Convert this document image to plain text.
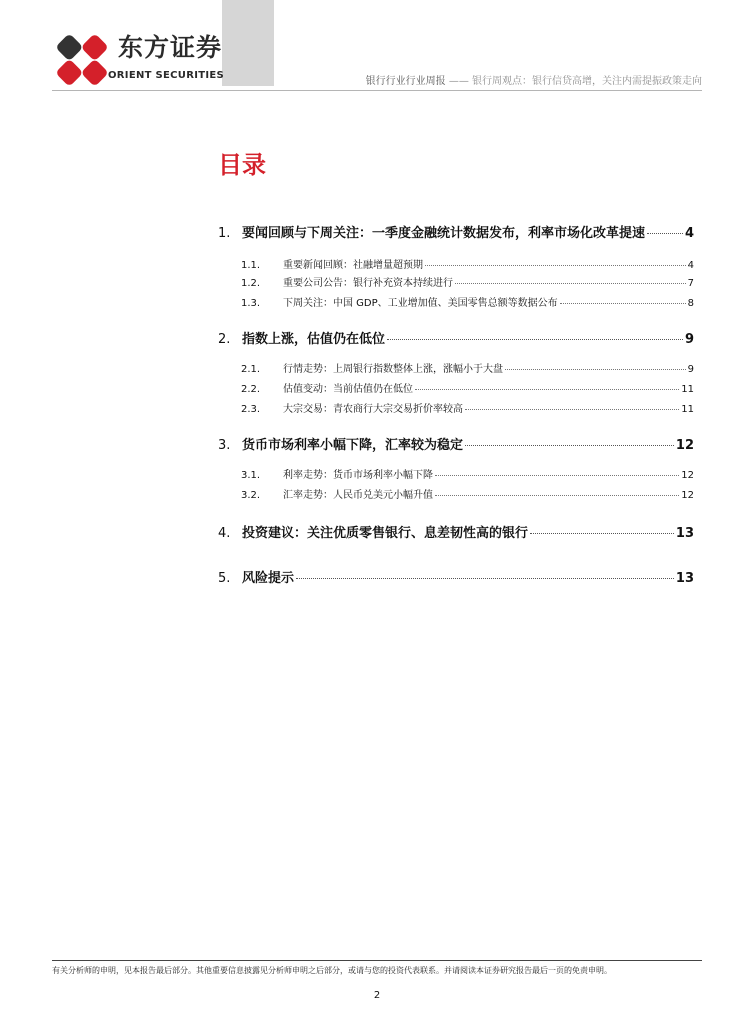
东方证券
ORIENT SECURITIES
银行行业行业周报 —— 银行周观点：银行信贷高增，关注内需提振政策走向
目录
1. 要闻回顾与下周关注：一季度金融统计数据发布，利率市场化改革提速	4
1.1.	重要新闻回顾：社融增量超预期	4
1.2.	重要公司公告：银行补充资本持续进行	7
1.3.	下周关注：中国 GDP、工业增加值、美国零售总额等数据公布	8
2. 指数上涨，估值仍在低位	9
2.1.	行情走势：上周银行指数整体上涨，涨幅小于大盘	9
2.2.	估值变动：当前估值仍在低位	11
2.3.	大宗交易：青农商行大宗交易折价率较高	11
3. 货币市场利率小幅下降，汇率较为稳定	12
3.1.	利率走势：货币市场利率小幅下降	12
3.2.	汇率走势：人民币兑美元小幅升值	12
4. 投资建议：关注优质零售银行、息差韧性高的银行	13
5. 风险提示	13
有关分析师的申明，见本报告最后部分。其他重要信息披露见分析师申明之后部分，或请与您的投资代表联系。并请阅读本证券研究报告最后一页的免责申明。
2
